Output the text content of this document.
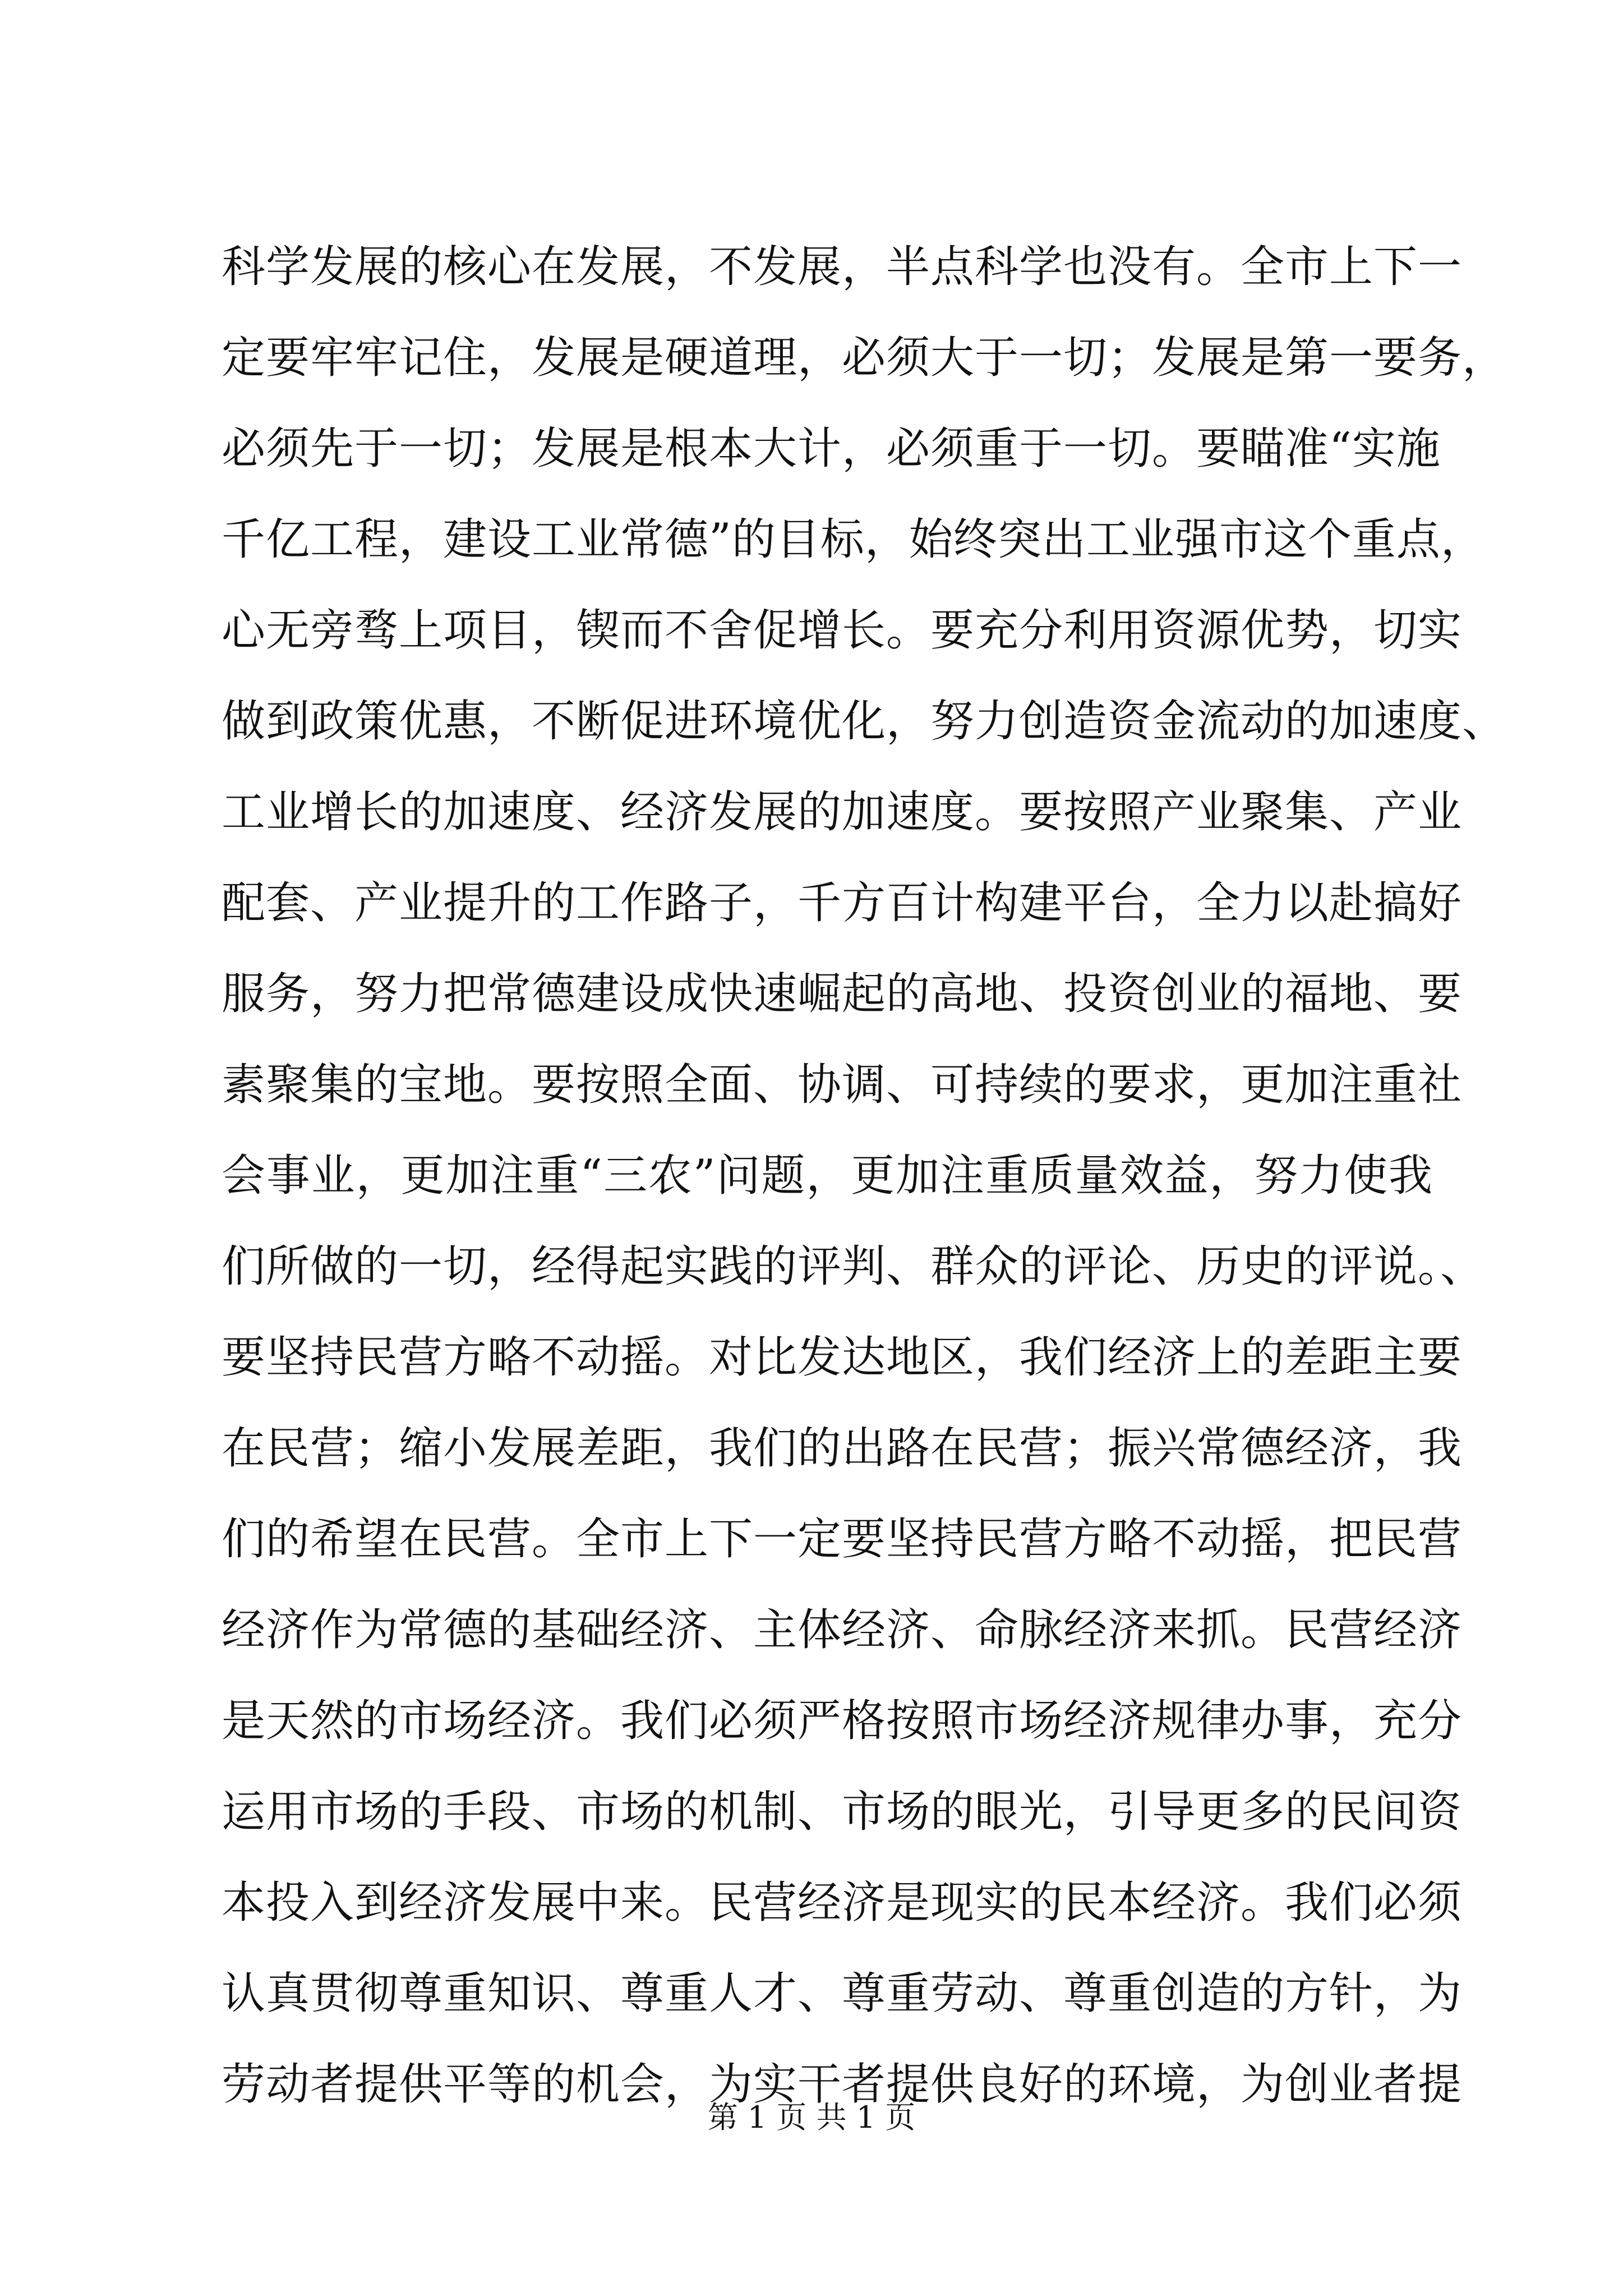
科学发展的核心在发展，不发展，半点科学也没有。全市上下一
定要牢牢记住，发展是硬道理，必须大于一切；发展是第一要务，
必须先于一切；发展是根本大计，必须重于一切。要瞄准“实施
千亿工程，建设工业常德”的目标，始终突出工业强市这个重点，
心无旁骛上项目，锲而不舍促增长。要充分利用资源优势，切实
做到政策优惠，不断促进环境优化，努力创造资金流动的加速度、
工业增长的加速度、经济发展的加速度。要按照产业聚集、产业
配套、产业提升的工作路子，千方百计构建平台，全力以赴搞好
服务，努力把常德建设成快速崛起的高地、投资创业的福地、要
素聚集的宝地。要按照全面、协调、可持续的要求，更加注重社
会事业，更加注重“三农”问题，更加注重质量效益，努力使我
们所做的一切，经得起实践的评判、群众的评论、历史的评说。、
要坚持民营方略不动摇。对比发达地区，我们经济上的差距主要
在民营；缩小发展差距，我们的出路在民营；振兴常德经济，我
们的希望在民营。全市上下一定要坚持民营方略不动摇，把民营
经济作为常德的基础经济、主体经济、命脉经济来抓。民营经济
是天然的市场经济。我们必须严格按照市场经济规律办事，充分
运用市场的手段、市场的机制、市场的眼光，引导更多的民间资
本投入到经济发展中来。民营经济是现实的民本经济。我们必须
认真贯彻尊重知识、尊重人才、尊重劳动、尊重创造的方针，为
劳动者提供平等的机会，为实干者提供良好的环境，为创业者提
第 1 页 共 1 页
